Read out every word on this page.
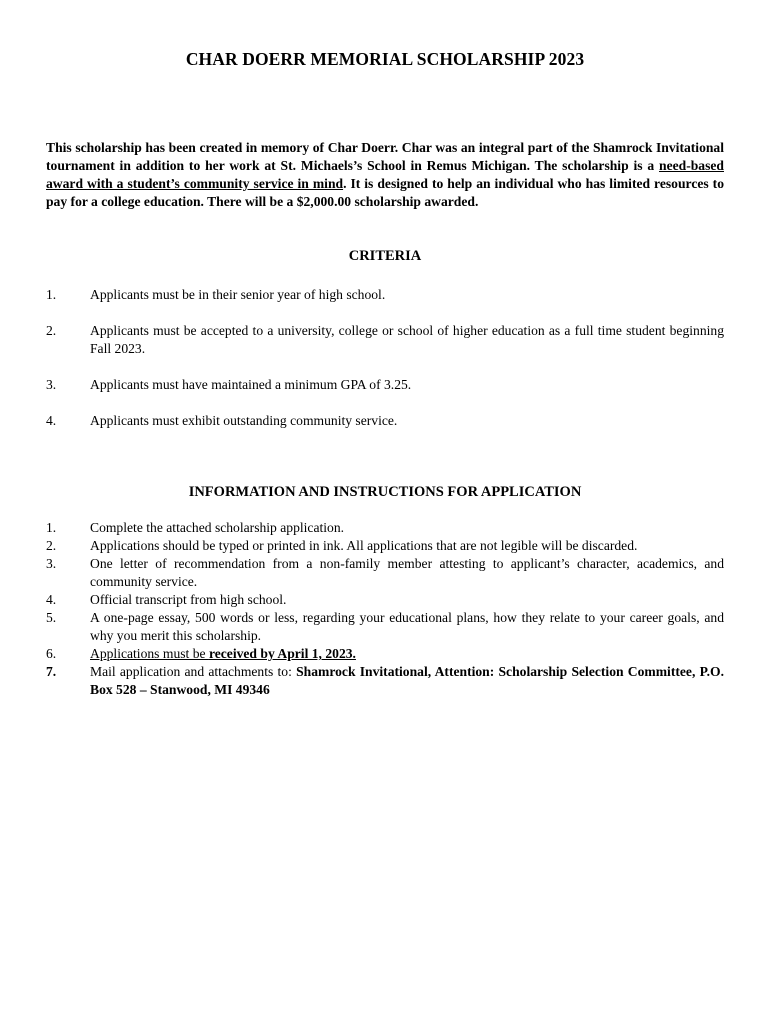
CHAR DOERR MEMORIAL SCHOLARSHIP 2023
This scholarship has been created in memory of Char Doerr. Char was an integral part of the Shamrock Invitational tournament in addition to her work at St. Michaels’s School in Remus Michigan. The scholarship is a need-based award with a student’s community service in mind. It is designed to help an individual who has limited resources to pay for a college education. There will be a $2,000.00 scholarship awarded.
CRITERIA
1. Applicants must be in their senior year of high school.
2. Applicants must be accepted to a university, college or school of higher education as a full time student beginning Fall 2023.
3. Applicants must have maintained a minimum GPA of 3.25.
4. Applicants must exhibit outstanding community service.
INFORMATION AND INSTRUCTIONS FOR APPLICATION
1. Complete the attached scholarship application.
2. Applications should be typed or printed in ink. All applications that are not legible will be discarded.
3. One letter of recommendation from a non-family member attesting to applicant’s character, academics, and community service.
4. Official transcript from high school.
5. A one-page essay, 500 words or less, regarding your educational plans, how they relate to your career goals, and why you merit this scholarship.
6. Applications must be received by April 1, 2023.
7. Mail application and attachments to: Shamrock Invitational, Attention: Scholarship Selection Committee, P.O. Box 528 – Stanwood, MI 49346
